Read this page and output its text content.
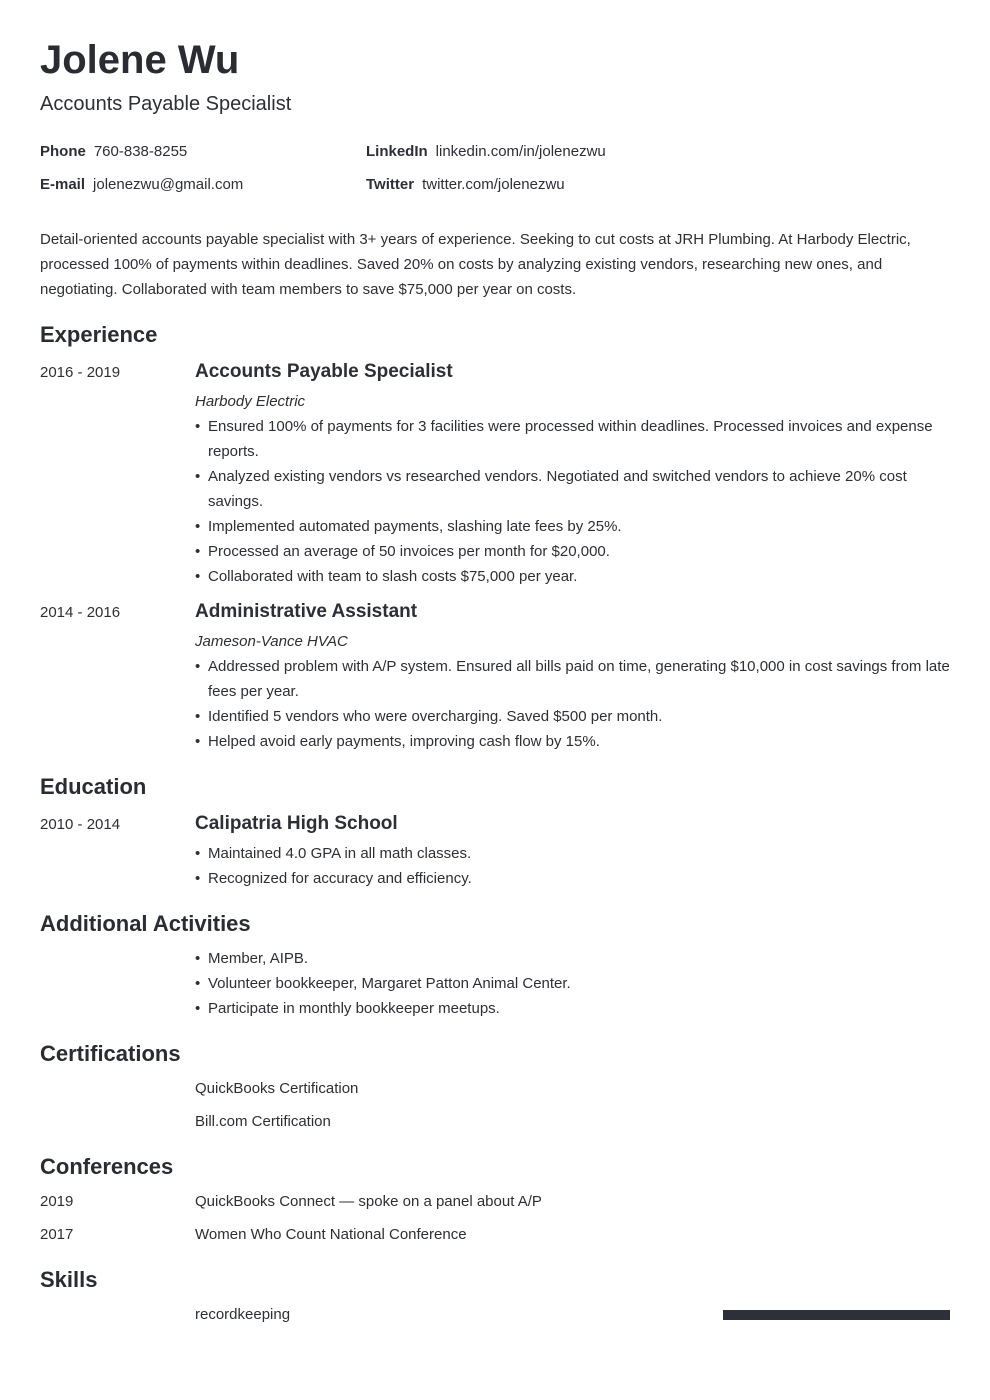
Jolene Wu
Accounts Payable Specialist
Phone 760-838-8255
E-mail jolenezwu@gmail.com
LinkedIn linkedin.com/in/jolenezwu
Twitter twitter.com/jolenezwu
Detail-oriented accounts payable specialist with 3+ years of experience. Seeking to cut costs at JRH Plumbing. At Harbody Electric, processed 100% of payments within deadlines. Saved 20% on costs by analyzing existing vendors, researching new ones, and negotiating. Collaborated with team members to save $75,000 per year on costs.
Experience
2016 - 2019	Accounts Payable Specialist
Harbody Electric
• Ensured 100% of payments for 3 facilities were processed within deadlines. Processed invoices and expense reports.
• Analyzed existing vendors vs researched vendors. Negotiated and switched vendors to achieve 20% cost savings.
• Implemented automated payments, slashing late fees by 25%.
• Processed an average of 50 invoices per month for $20,000.
• Collaborated with team to slash costs $75,000 per year.
2014 - 2016	Administrative Assistant
Jameson-Vance HVAC
• Addressed problem with A/P system. Ensured all bills paid on time, generating $10,000 in cost savings from late fees per year.
• Identified 5 vendors who were overcharging. Saved $500 per month.
• Helped avoid early payments, improving cash flow by 15%.
Education
2010 - 2014	Calipatria High School
• Maintained 4.0 GPA in all math classes.
• Recognized for accuracy and efficiency.
Additional Activities
• Member, AIPB.
• Volunteer bookkeeper, Margaret Patton Animal Center.
• Participate in monthly bookkeeper meetups.
Certifications
QuickBooks Certification
Bill.com Certification
Conferences
2019	QuickBooks Connect — spoke on a panel about A/P
2017	Women Who Count National Conference
Skills
recordkeeping
